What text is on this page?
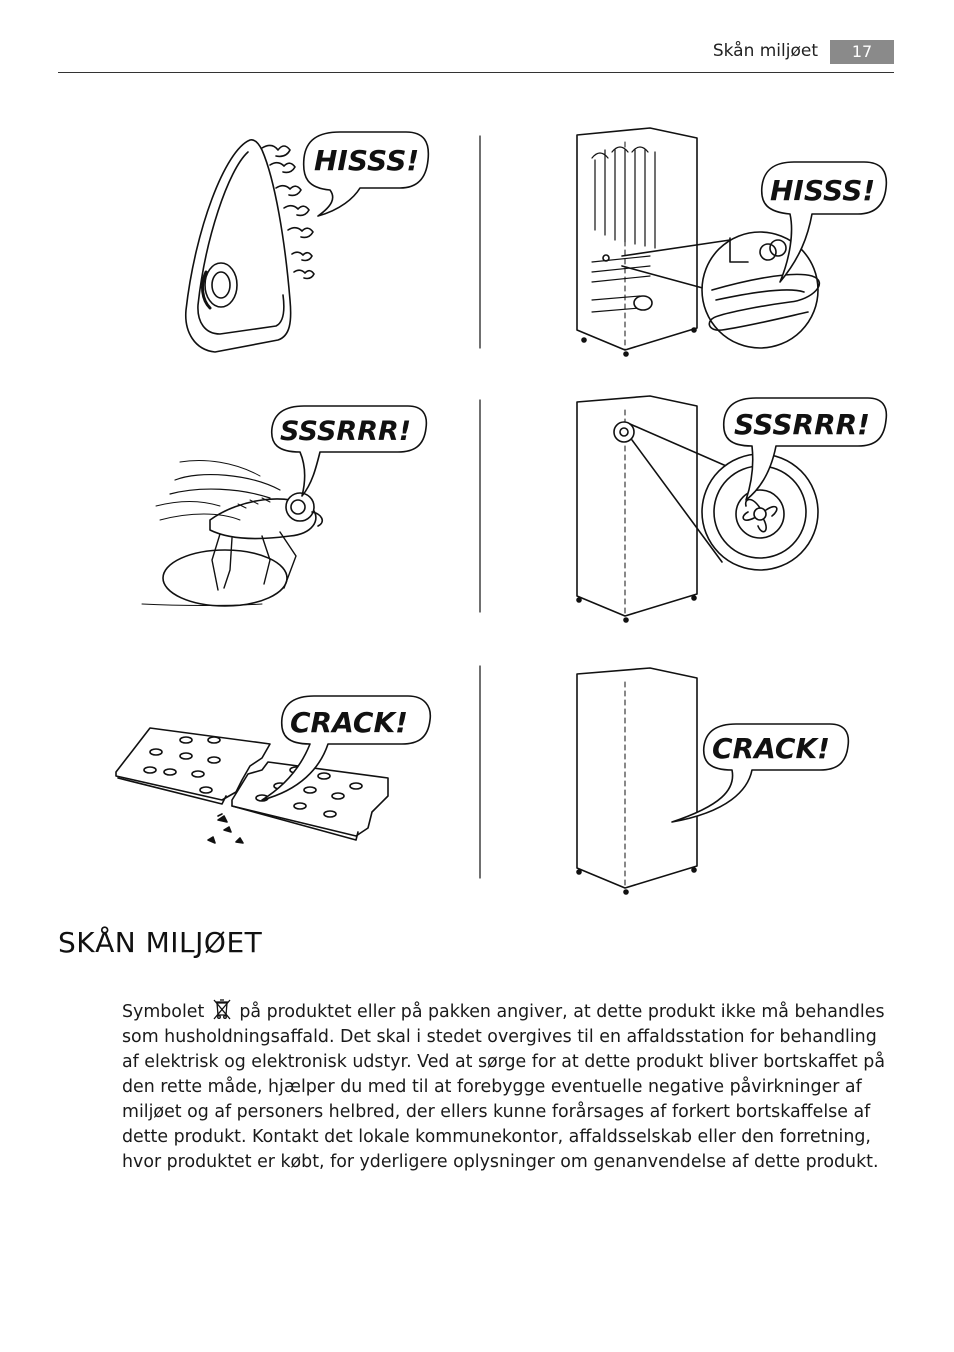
Skån miljøet	17
HISSS!
HISSS!
SSSRRR!	SSSRRR!
CRACK!
CRACK!
SKÅN MILJØET

Symbolet  på produktet eller på pakken angiver, at dette produkt ikke må behandles som husholdningsaffald. Det skal i stedet overgives til en affaldsstation for behandling af elektrisk og elektronisk udstyr. Ved at sørge for at dette produkt bliver bortskaffet på den rette måde, hjælper du med til at forebygge eventuelle negative påvirkninger af miljøet og af personers helbred, der ellers kunne forårsages af forkert bortskaffelse af dette produkt. Kontakt det lokale kommunekontor, affaldsselskab eller den forretning, hvor produktet er købt, for yderligere oplysninger om genanvendelse af dette produkt.
